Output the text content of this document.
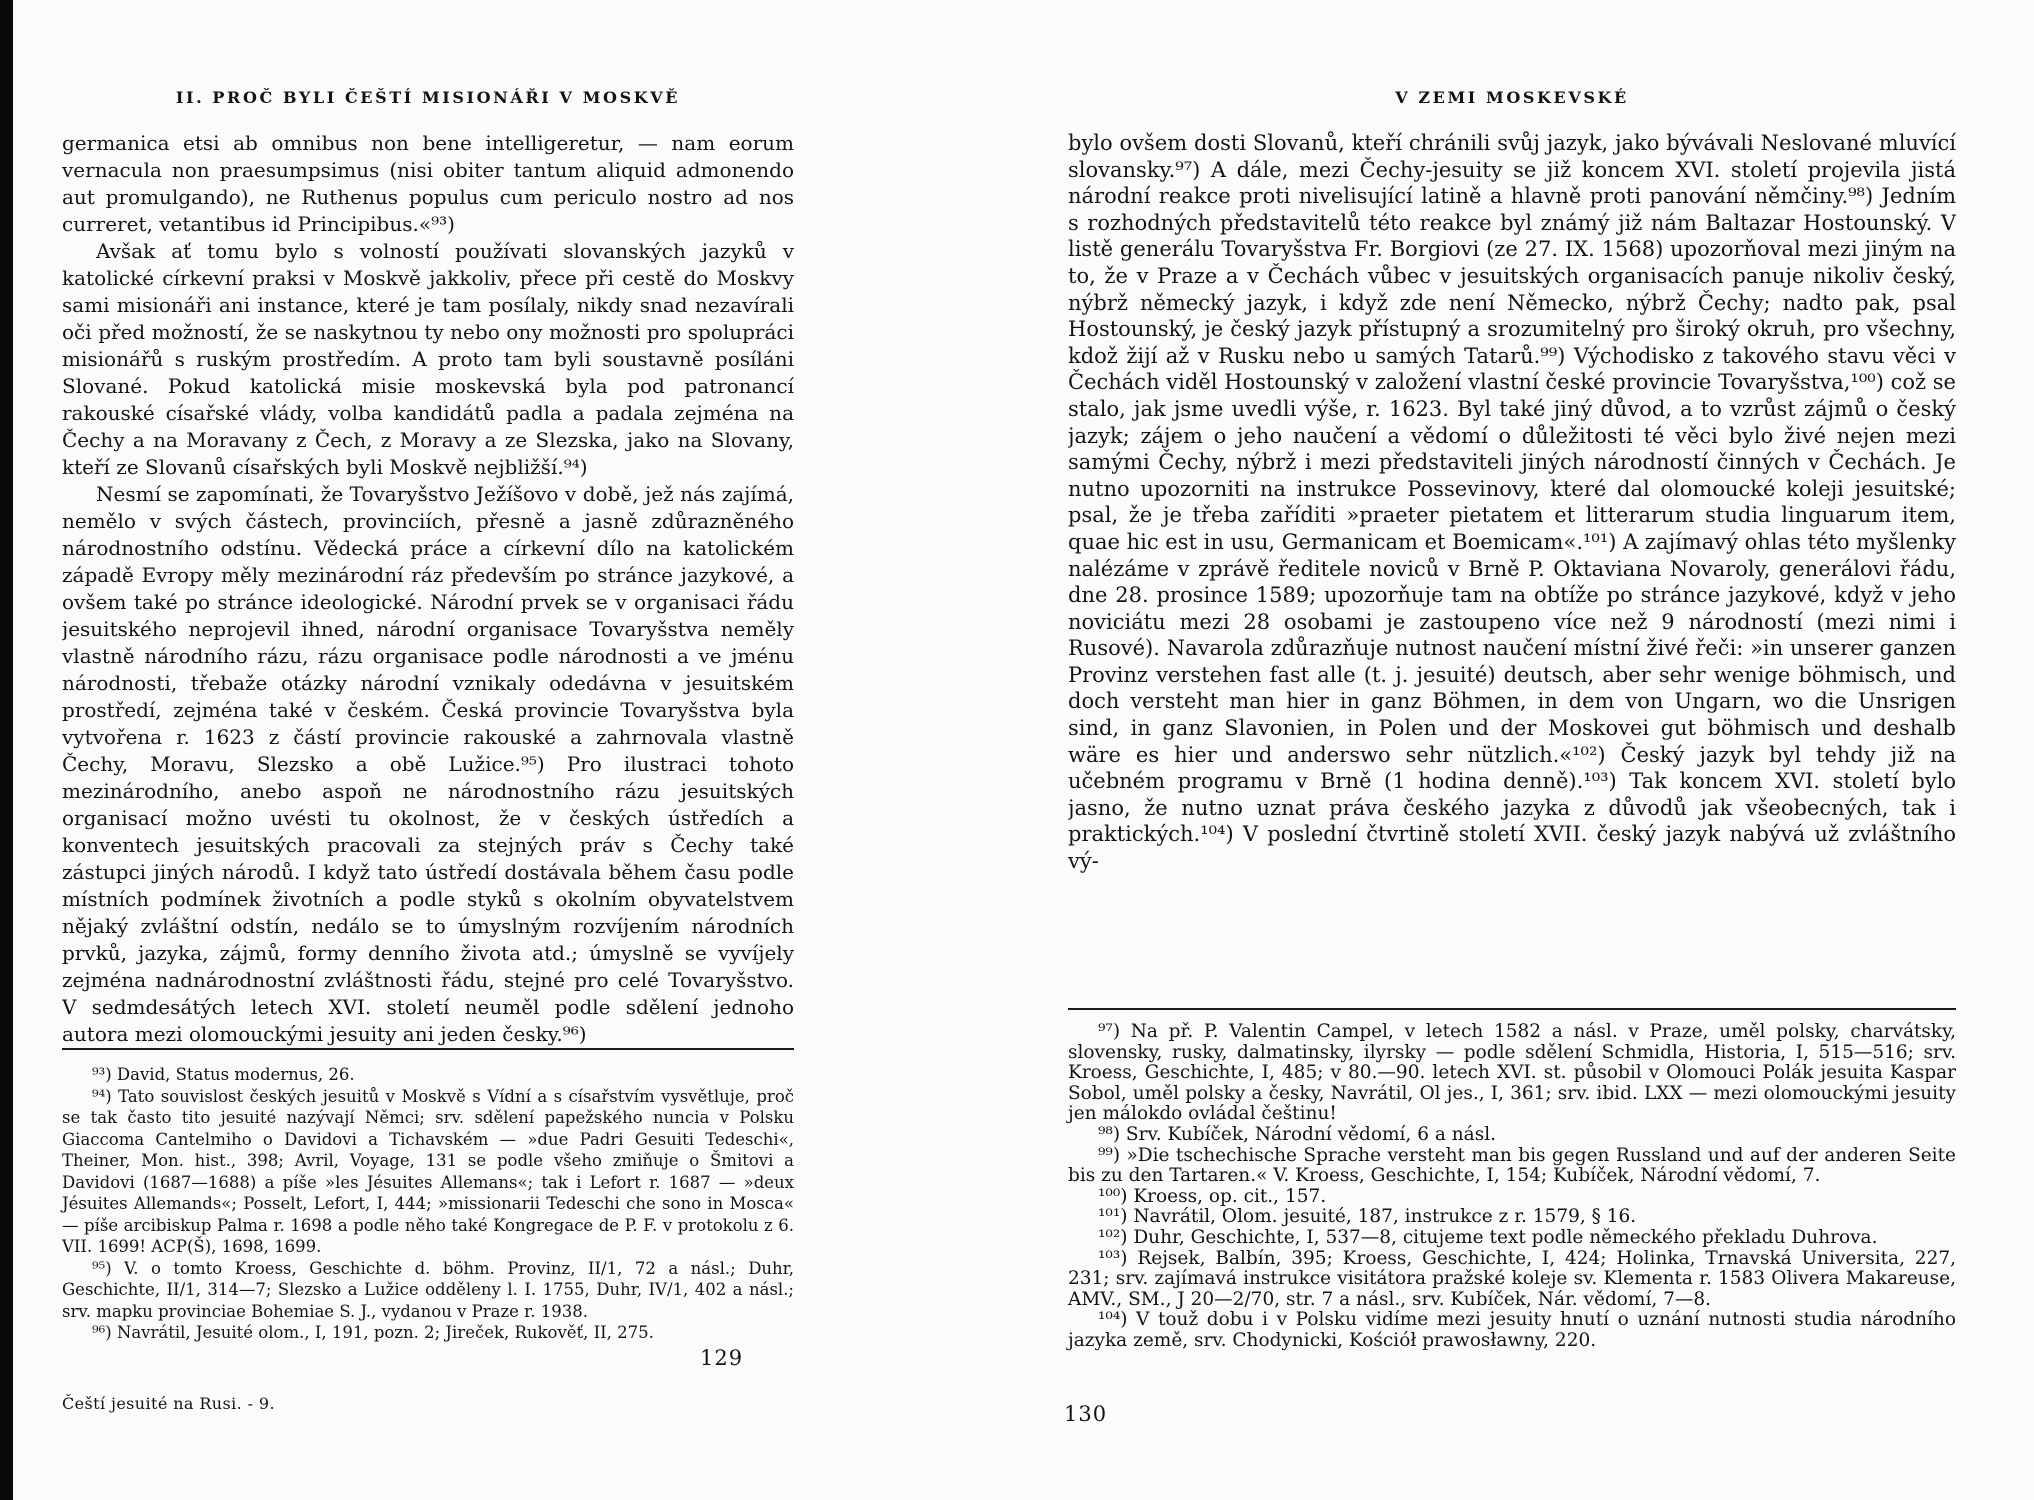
II. PROČ BYLI ČEŠTÍ MISIONÁŘI V MOSKVĚ

germanica etsi ab omnibus non bene intelligeretur, — nam eorum vernacula non praesumpsimus (nisi obiter tantum aliquid admonendo aut promulgando), ne Ruthenus populus cum periculo nostro ad nos curreret, vetantibus id Principibus.«⁹³)

Avšak ať tomu bylo s volností používati slovanských jazyků v katolické církevní praksi v Moskvě jakkoliv, přece při cestě do Moskvy sami misionáři ani instance, které je tam posílaly, nikdy snad nezavírali oči před možností, že se naskytnou ty nebo ony možnosti pro spolupráci misionářů s ruským prostředím. A proto tam byli soustavně posíláni Slované. Pokud katolická misie moskevská byla pod patronancí rakouské císařské vlády, volba kandidátů padla a padala zejména na Čechy a na Moravany z Čech, z Moravy a ze Slezska, jako na Slovany, kteří ze Slovanů císařských byli Moskvě nejbližší.⁹⁴)

Nesmí se zapomínati, že Tovaryšstvo Ježíšovo v době, jež nás zajímá, nemělo v svých částech, provinciích, přesně a jasně zdůrazněného národnostního odstínu. Vědecká práce a církevní dílo na katolickém západě Evropy měly mezinárodní ráz především po stránce jazykové, a ovšem také po stránce ideologické. Národní prvek se v organisaci řádu jesuitského neprojevil ihned, národní organisace Tovaryšstva neměly vlastně národního rázu, rázu organisace podle národnosti a ve jménu národnosti, třebaže otázky národní vznikaly odedávna v jesuitském prostředí, zejména také v českém. Česká provincie Tovaryšstva byla vytvořena r. 1623 z částí provincie rakouské a zahrnovala vlastně Čechy, Moravu, Slezsko a obě Lužice.⁹⁵) Pro ilustraci tohoto mezinárodního, anebo aspoň ne národnostního rázu jesuitských organisací možno uvésti tu okolnost, že v českých ústředích a konventech jesuitských pracovali za stejných práv s Čechy také zástupci jiných národů. I když tato ústředí dostávala během času podle místních podmínek životních a podle styků s okolním obyvatelstvem nějaký zvláštní odstín, nedálo se to úmyslným rozvíjením národních prvků, jazyka, zájmů, formy denního života atd.; úmyslně se vyvíjely zejména nadnárodnostní zvláštnosti řádu, stejné pro celé Tovaryšstvo. V sedmdesátých letech XVI. století neuměl podle sdělení jednoho autora mezi olomouckými jesuity ani jeden česky.⁹⁶)

⁹³) David, Status modernus, 26.

⁹⁴) Tato souvislost českých jesuitů v Moskvě s Vídní a s císařstvím vysvětluje, proč se tak často tito jesuité nazývají Němci; srv. sdělení papežského nuncia v Polsku Giaccoma Cantelmiho o Davidovi a Tichavském — »due Padri Gesuiti Tedeschi«, Theiner, Mon. hist., 398; Avril, Voyage, 131 se podle všeho zmiňuje o Šmitovi a Davidovi (1687—1688) a píše »les Jésuites Allemans«; tak i Lefort r. 1687 — »deux Jésuites Allemands«; Posselt, Lefort, I, 444; »missionarii Tedeschi che sono in Mosca« — píše arcibiskup Palma r. 1698 a podle něho také Kongregace de P. F. v protokolu z 6. VII. 1699! ACP(Š), 1698, 1699.

⁹⁵) V. o tomto Kroess, Geschichte d. böhm. Provinz, II/1, 72 a násl.; Duhr, Geschichte, II/1, 314—7; Slezsko a Lužice odděleny l. I. 1755, Duhr, IV/1, 402 a násl.; srv. mapku provinciae Bohemiae S. J., vydanou v Praze r. 1938.

⁹⁶) Navrátil, Jesuité olom., I, 191, pozn. 2; Jireček, Rukověť, II, 275.

129
Čeští jesuité na Rusi. - 9.
V ZEMI MOSKEVSKÉ

bylo ovšem dosti Slovanů, kteří chránili svůj jazyk, jako bývávali Neslované mluvící slovansky.⁹⁷) A dále, mezi Čechy-jesuity se již koncem XVI. století projevila jistá národní reakce proti nivelisující latině a hlavně proti panování němčiny.⁹⁸) Jedním s rozhodných představitelů této reakce byl známý již nám Baltazar Hostounský. V listě generálu Tovaryšstva Fr. Borgiovi (ze 27. IX. 1568) upozorňoval mezi jiným na to, že v Praze a v Čechách vůbec v jesuitských organisacích panuje nikoliv český, nýbrž německý jazyk, i když zde není Německo, nýbrž Čechy; nadto pak, psal Hostounský, je český jazyk přístupný a srozumitelný pro široký okruh, pro všechny, kdož žijí až v Rusku nebo u samých Tatarů.⁹⁹) Východisko z takového stavu věci v Čechách viděl Hostounský v založení vlastní české provincie Tovaryšstva,¹⁰⁰) což se stalo, jak jsme uvedli výše, r. 1623. Byl také jiný důvod, a to vzrůst zájmů o český jazyk; zájem o jeho naučení a vědomí o důležitosti té věci bylo živé nejen mezi samými Čechy, nýbrž i mezi představiteli jiných národností činných v Čechách. Je nutno upozorniti na instrukce Possevinovy, které dal olomoucké koleji jesuitské; psal, že je třeba zaříditi »praeter pietatem et litterarum studia linguarum item, quae hic est in usu, Germanicam et Boemicam«.¹⁰¹) A zajímavý ohlas této myšlenky nalézáme v zprávě ředitele noviců v Brně P. Oktaviana Novaroly, generálovi řádu, dne 28. prosince 1589; upozorňuje tam na obtíže po stránce jazykové, když v jeho noviciátu mezi 28 osobami je zastoupeno více než 9 národností (mezi nimi i Rusové). Navarola zdůrazňuje nutnost naučení místní živé řeči: »in unserer ganzen Provinz verstehen fast alle (t. j. jesuité) deutsch, aber sehr wenige böhmisch, und doch versteht man hier in ganz Böhmen, in dem von Ungarn, wo die Unsrigen sind, in ganz Slavonien, in Polen und der Moskovei gut böhmisch und deshalb wäre es hier und anderswo sehr nützlich.«¹⁰²) Český jazyk byl tehdy již na učebném programu v Brně (1 hodina denně).¹⁰³) Tak koncem XVI. století bylo jasno, že nutno uznat práva českého jazyka z důvodů jak všeobecných, tak i praktických.¹⁰⁴) V poslední čtvrtině století XVII. český jazyk nabývá už zvláštního vý-

⁹⁷) Na př. P. Valentin Campel, v letech 1582 a násl. v Praze, uměl polsky, charvátsky, slovensky, rusky, dalmatinsky, ilyrsky — podle sdělení Schmidla, Historia, I, 515—516; srv. Kroess, Geschichte, I, 485; v 80.—90. letech XVI. st. působil v Olomouci Polák jesuita Kaspar Sobol, uměl polsky a česky, Navrátil, Ol jes., I, 361; srv. ibid. LXX — mezi olomouckými jesuity jen málokdo ovládal češtinu!

⁹⁸) Srv. Kubíček, Národní vědomí, 6 a násl.

⁹⁹) »Die tschechische Sprache versteht man bis gegen Russland und auf der anderen Seite bis zu den Tartaren.« V. Kroess, Geschichte, I, 154; Kubíček, Národní vědomí, 7.

¹⁰⁰) Kroess, op. cit., 157.

¹⁰¹) Navrátil, Olom. jesuité, 187, instrukce z r. 1579, § 16.

¹⁰²) Duhr, Geschichte, I, 537—8, citujeme text podle německého překladu Duhrova.

¹⁰³) Rejsek, Balbín, 395; Kroess, Geschichte, I, 424; Holinka, Trnavská Universita, 227, 231; srv. zajímavá instrukce visitátora pražské koleje sv. Klementa r. 1583 Olivera Makareuse, AMV., SM., J 20—2/70, str. 7 a násl., srv. Kubíček, Nár. vědomí, 7—8.

¹⁰⁴) V touž dobu i v Polsku vidíme mezi jesuity hnutí o uznání nutnosti studia národního jazyka země, srv. Chodynicki, Kościół prawosławny, 220.

130
